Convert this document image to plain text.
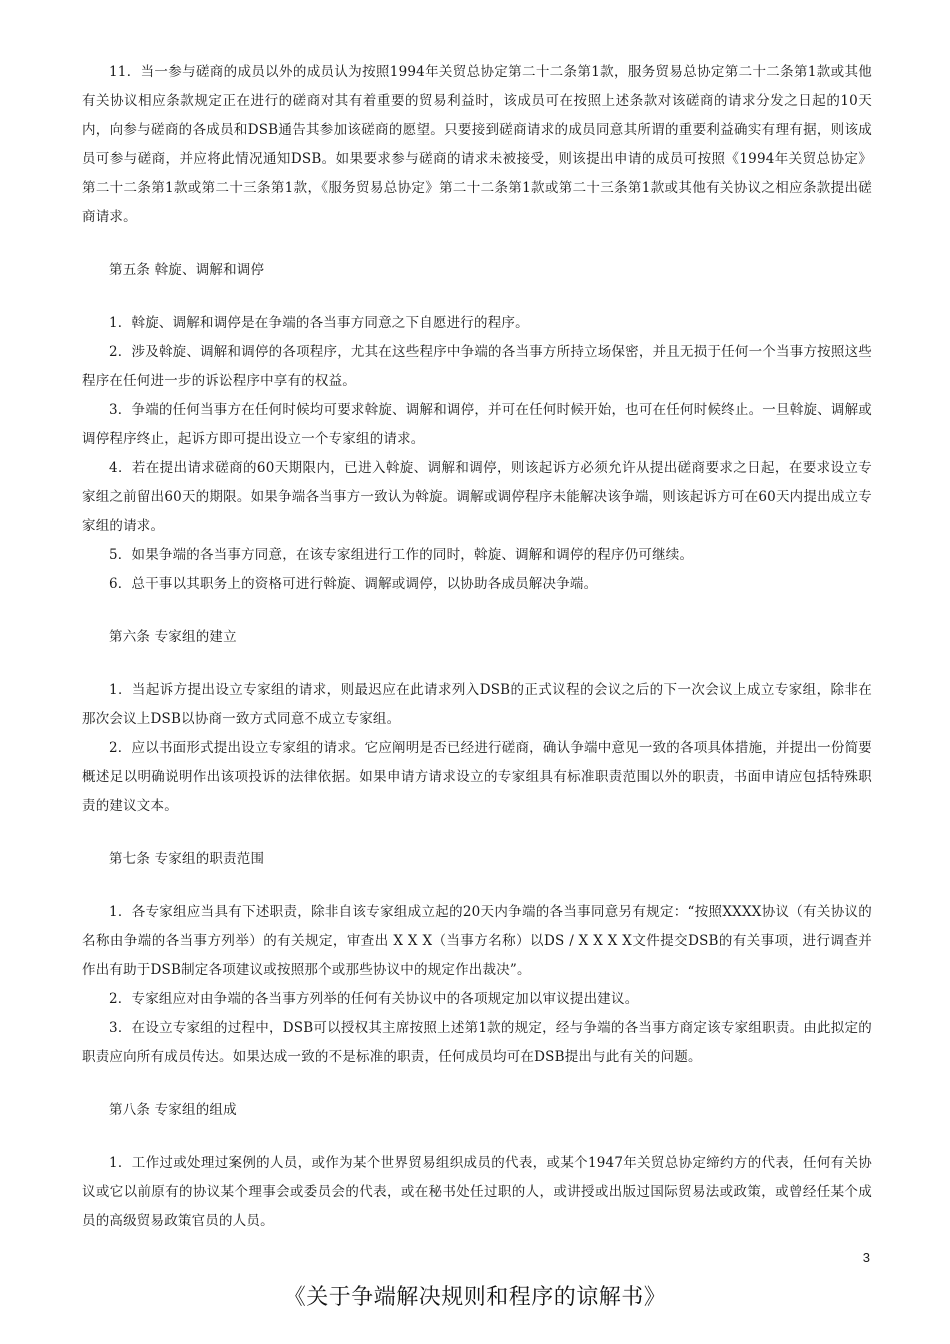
11．当一参与磋商的成员以外的成员认为按照1994年关贸总协定第二十二条第1款，服务贸易总协定第二十二条第1款或其他有关协议相应条款规定正在进行的磋商对其有着重要的贸易利益时，该成员可在按照上述条款对该磋商的请求分发之日起的10天内，向参与磋商的各成员和DSB通告其参加该磋商的愿望。只要接到磋商请求的成员同意其所谓的重要利益确实有理有据，则该成员可参与磋商，并应将此情况通知DSB。如果要求参与磋商的请求未被接受，则该提出申请的成员可按照《1994年关贸总协定》第二十二条第1款或第二十三条第1款，《服务贸易总协定》第二十二条第1款或第二十三条第1款或其他有关协议之相应条款提出磋商请求。

第五条 斡旋、调解和调停

1．斡旋、调解和调停是在争端的各当事方同意之下自愿进行的程序。

2．涉及斡旋、调解和调停的各项程序，尤其在这些程序中争端的各当事方所持立场保密，并且无损于任何一个当事方按照这些程序在任何进一步的诉讼程序中享有的权益。

3．争端的任何当事方在任何时候均可要求斡旋、调解和调停，并可在任何时候开始，也可在任何时候终止。一旦斡旋、调解或调停程序终止，起诉方即可提出设立一个专家组的请求。

4．若在提出请求磋商的60天期限内，已进入斡旋、调解和调停，则该起诉方必须允许从提出磋商要求之日起，在要求设立专家组之前留出60天的期限。如果争端各当事方一致认为斡旋。调解或调停程序未能解决该争端，则该起诉方可在60天内提出成立专家组的请求。

5．如果争端的各当事方同意，在该专家组进行工作的同时，斡旋、调解和调停的程序仍可继续。

6．总干事以其职务上的资格可进行斡旋、调解或调停，以协助各成员解决争端。

第六条 专家组的建立

1．当起诉方提出设立专家组的请求，则最迟应在此请求列入DSB的正式议程的会议之后的下一次会议上成立专家组，除非在那次会议上DSB以协商一致方式同意不成立专家组。

2．应以书面形式提出设立专家组的请求。它应阐明是否已经进行磋商，确认争端中意见一致的各项具体措施，并提出一份简要概述足以明确说明作出该项投诉的法律依据。如果申请方请求设立的专家组具有标准职责范围以外的职责，书面申请应包括特殊职责的建议文本。

第七条 专家组的职责范围

1．各专家组应当具有下述职责，除非自该专家组成立起的20天内争端的各当事同意另有规定：“按照XXXX协议（有关协议的名称由争端的各当事方列举）的有关规定，审查出 X X X（当事方名称）以DS / X X X X文件提交DSB的有关事项，进行调查并作出有助于DSB制定各项建议或按照那个或那些协议中的规定作出裁决”。

2．专家组应对由争端的各当事方列举的任何有关协议中的各项规定加以审议提出建议。

3．在设立专家组的过程中，DSB可以授权其主席按照上述第1款的规定，经与争端的各当事方商定该专家组职责。由此拟定的职责应向所有成员传达。如果达成一致的不是标准的职责，任何成员均可在DSB提出与此有关的问题。

第八条 专家组的组成

1．工作过或处理过案例的人员，或作为某个世界贸易组织成员的代表，或某个1947年关贸总协定缔约方的代表，任何有关协议或它以前原有的协议某个理事会或委员会的代表，或在秘书处任过职的人，或讲授或出版过国际贸易法或政策，或曾经任某个成员的高级贸易政策官员的人员。

3
《关于争端解决规则和程序的谅解书》
